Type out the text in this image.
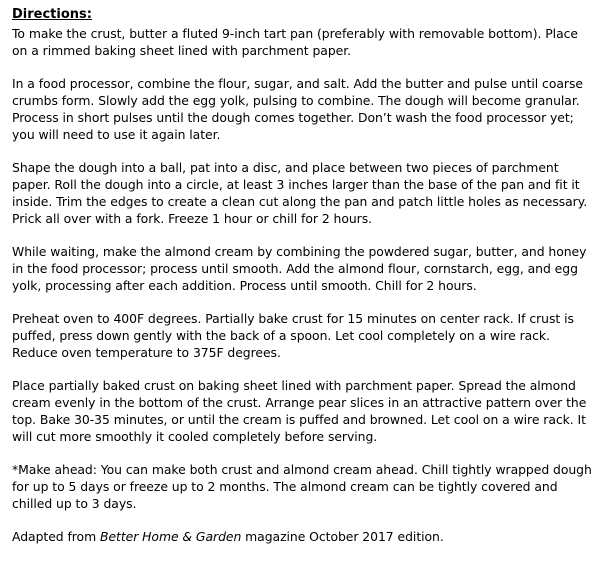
Directions:

To make the crust, butter a fluted 9-inch tart pan (preferably with removable bottom). Place on a rimmed baking sheet lined with parchment paper.

In a food processor, combine the flour, sugar, and salt. Add the butter and pulse until coarse crumbs form. Slowly add the egg yolk, pulsing to combine. The dough will become granular. Process in short pulses until the dough comes together. Don’t wash the food processor yet; you will need to use it again later.

Shape the dough into a ball, pat into a disc, and place between two pieces of parchment paper. Roll the dough into a circle, at least 3 inches larger than the base of the pan and fit it inside. Trim the edges to create a clean cut along the pan and patch little holes as necessary. Prick all over with a fork. Freeze 1 hour or chill for 2 hours.

While waiting, make the almond cream by combining the powdered sugar, butter, and honey in the food processor; process until smooth. Add the almond flour, cornstarch, egg, and egg yolk, processing after each addition. Process until smooth. Chill for 2 hours.

Preheat oven to 400F degrees. Partially bake crust for 15 minutes on center rack. If crust is puffed, press down gently with the back of a spoon. Let cool completely on a wire rack. Reduce oven temperature to 375F degrees.

Place partially baked crust on baking sheet lined with parchment paper. Spread the almond cream evenly in the bottom of the crust. Arrange pear slices in an attractive pattern over the top. Bake 30-35 minutes, or until the cream is puffed and browned. Let cool on a wire rack. It will cut more smoothly it cooled completely before serving.

*Make ahead: You can make both crust and almond cream ahead. Chill tightly wrapped dough for up to 5 days or freeze up to 2 months. The almond cream can be tightly covered and chilled up to 3 days.

Adapted from Better Home & Garden magazine October 2017 edition.
